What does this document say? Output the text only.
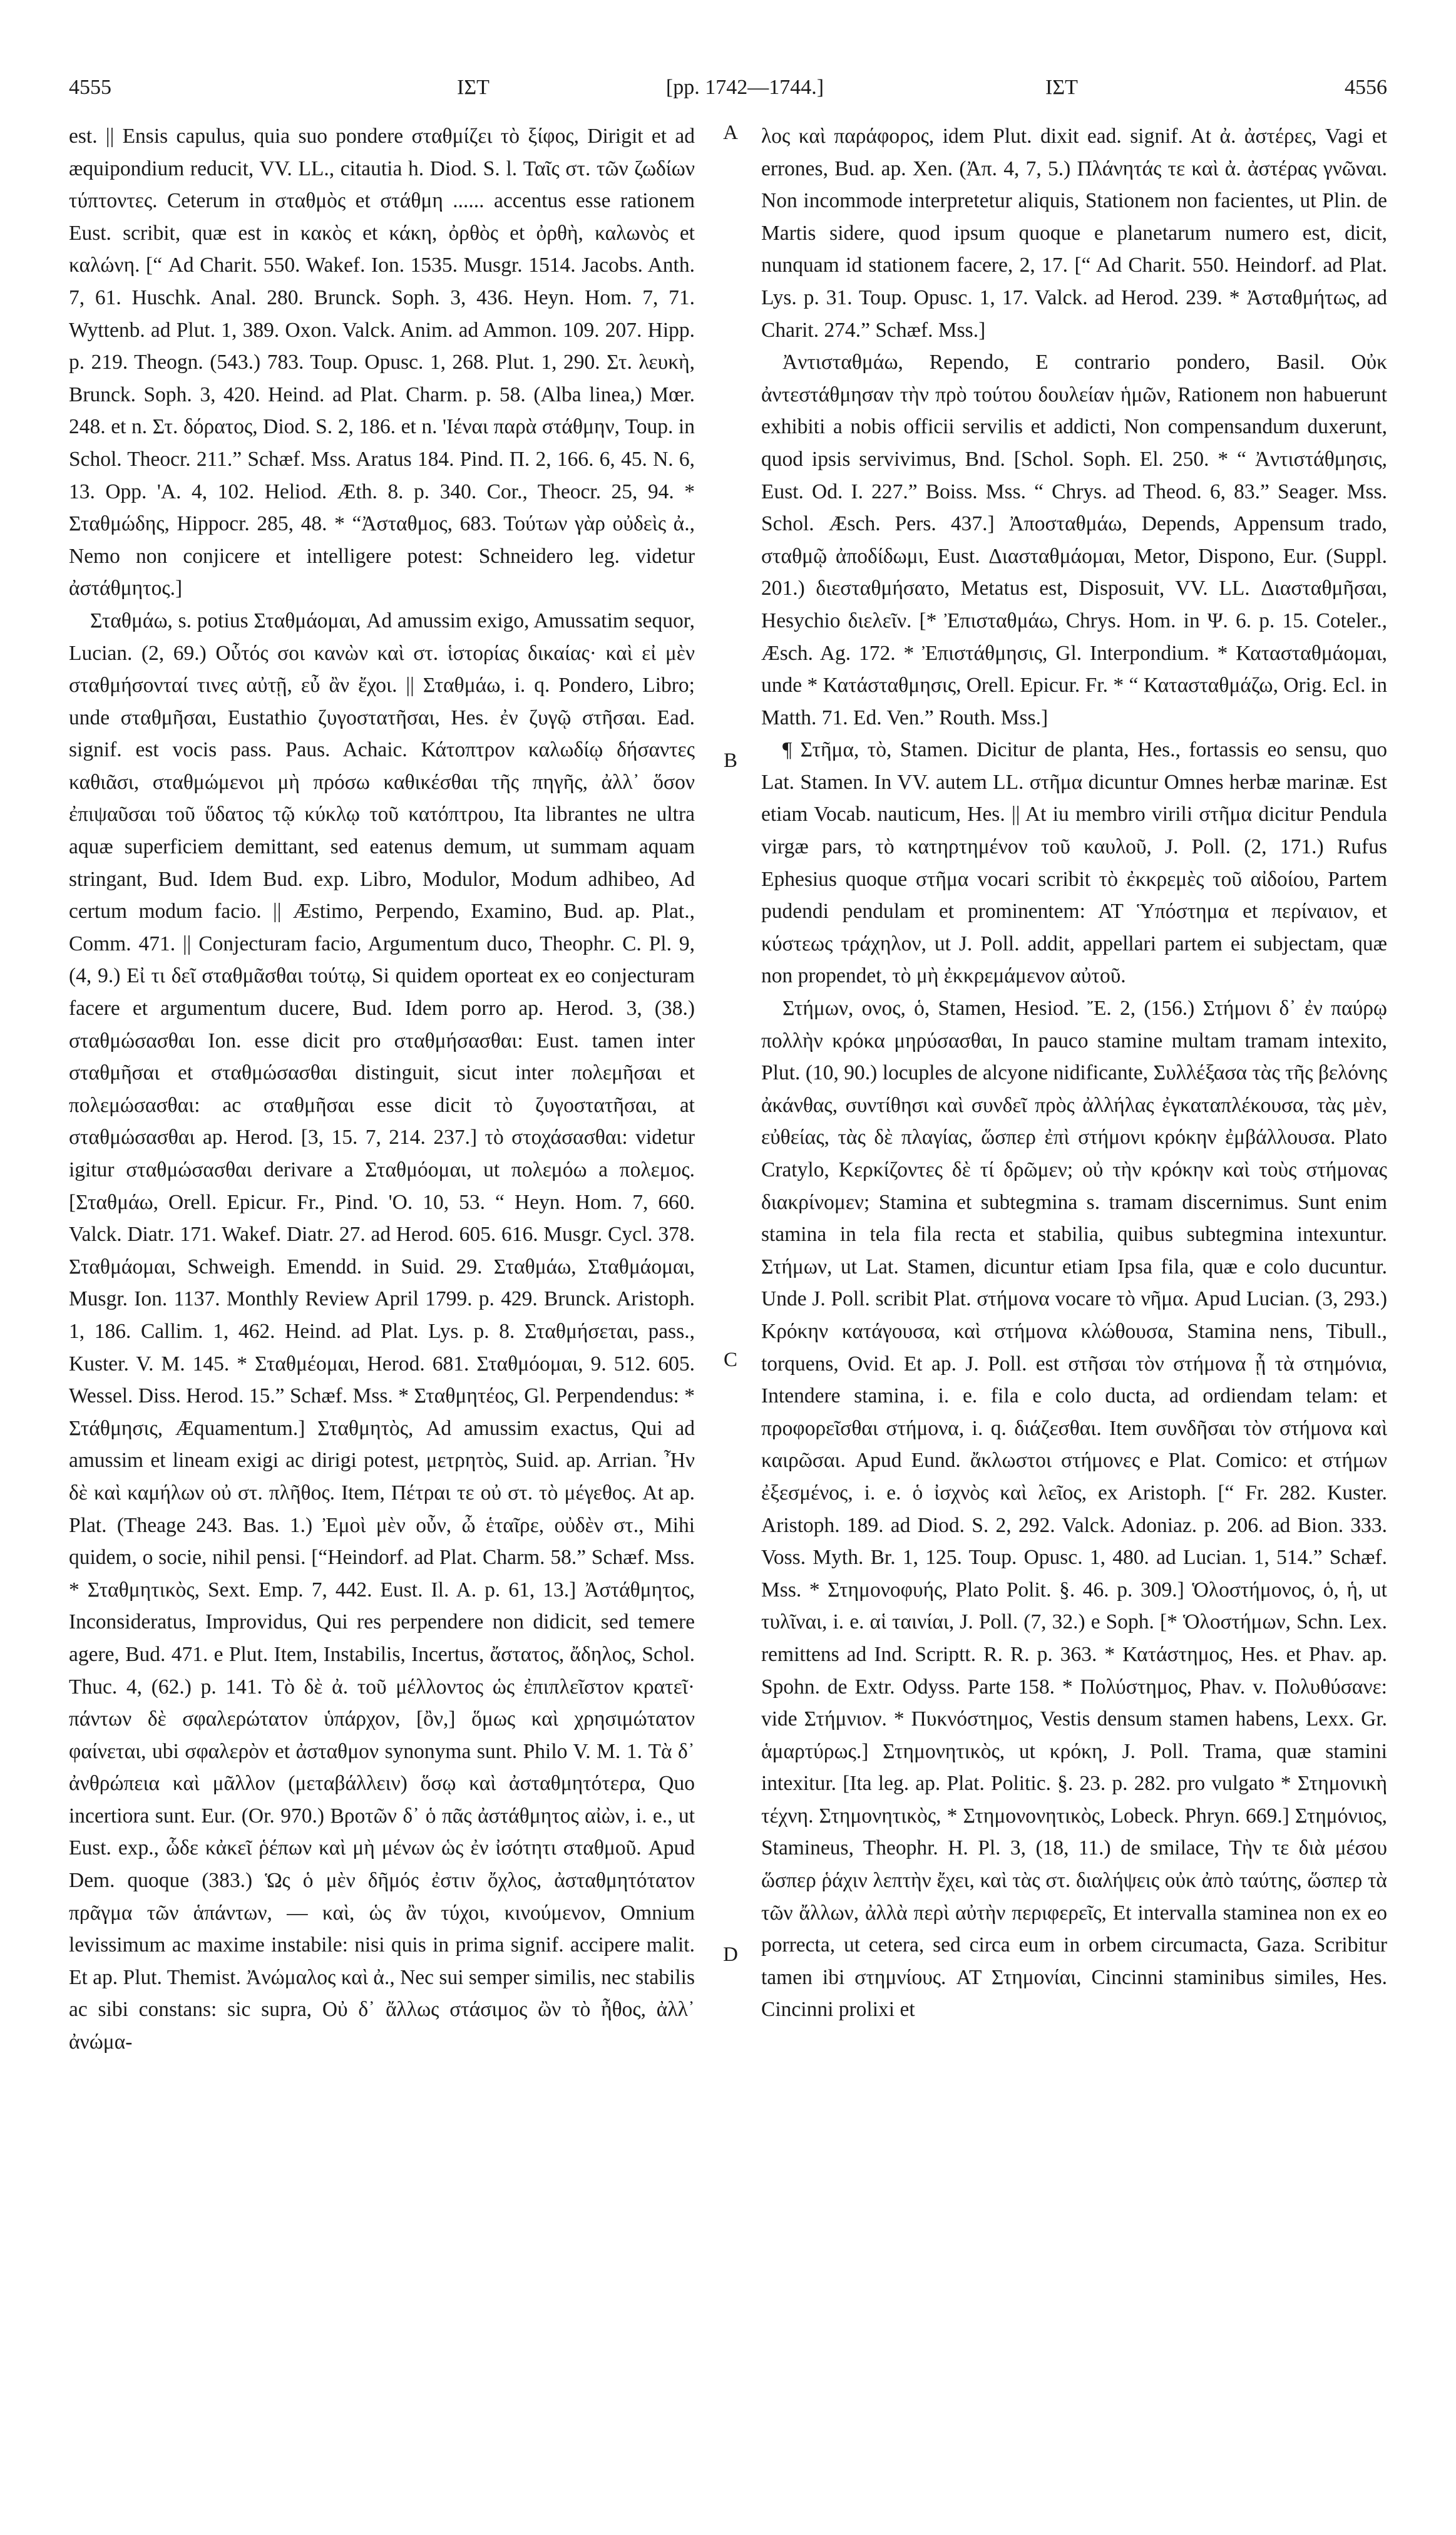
4555	ΙΣΤ	[pp. 1742—1744.]	ΙΣΤ	4556

est. || Ensis capulus, quia suo pondere σταθμίζει τὸ ξίφος, Dirigit et ad æquipondium reducit, VV. LL., citautia h. Diod. S. l. Ταῖς στ. τῶν ζωδίων τύπτοντες. Ceterum in σταθμὸς et στάθμη ...... accentus esse rationem Eust. scribit, quæ est in κακὸς et κάκη, ὀρθὸς et ὀρθὴ, καλωνὸς et καλώνη. [“ Ad Charit. 550. Wakef. Ion. 1535. Musgr. 1514. Jacobs. Anth. 7, 61. Huschk. Anal. 280. Brunck. Soph. 3, 436. Heyn. Hom. 7, 71. Wyttenb. ad Plut. 1, 389. Oxon. Valck. Anim. ad Ammon. 109. 207. Hipp. p. 219. Theogn. (543.) 783. Toup. Opusc. 1, 268. Plut. 1, 290. Στ. λευκὴ, Brunck. Soph. 3, 420. Heind. ad Plat. Charm. p. 58. (Alba linea,) Mœr. 248. et n. Στ. δόρατος, Diod. S. 2, 186. et n. 'Ιέναι παρὰ στάθμην, Toup. in Schol. Theocr. 211.” Schæf. Mss. Aratus 184. Pind. Π. 2, 166. 6, 45. N. 6, 13. Opp. 'A. 4, 102. Heliod. Æth. 8. p. 340. Cor., Theocr. 25, 94. * Σταθμώδης, Hippocr. 285, 48. * “Ἀσταθμος, 683. Τούτων γὰρ οὐδεὶς ἀ., Nemo non conjicere et intelligere potest: Schneidero leg. videtur ἀστάθμητος.]

Σταθμάω, s. potius Σταθμάομαι, Ad amussim exigo, Amussatim sequor, Lucian. (2, 69.) Οὗτός σοι κανὼν καὶ στ. ἱστορίας δικαίας· καὶ εἰ μὲν σταθμήσονταί τινες αὐτῇ, εὖ ἂν ἔχοι. || Σταθμάω, i. q. Pondero, Libro; unde σταθμῆσαι, Eustathio ζυγοστατῆσαι, Hes. ἐν ζυγῷ στῆσαι. Ead. signif. est vocis pass. Paus. Achaic. Κάτοπτρον καλωδίῳ δήσαντες καθιᾶσι, σταθμώμενοι μὴ πρόσω καθικέσθαι τῆς πηγῆς, ἀλλ᾽ ὅσον ἐπιψαῦσαι τοῦ ὕδατος τῷ κύκλῳ τοῦ κατόπτρου, Ita librantes ne ultra aquæ superficiem demittant, sed eatenus demum, ut summam aquam stringant, Bud. Idem Bud. exp. Libro, Modulor, Modum adhibeo, Ad certum modum facio. || Æstimo, Perpendo, Examino, Bud. ap. Plat., Comm. 471. || Conjecturam facio, Argumentum duco, Theophr. C. Pl. 9, (4, 9.) Εἰ τι δεῖ σταθμᾶσθαι τούτῳ, Si quidem oporteat ex eo conjecturam facere et argumentum ducere, Bud. Idem porro ap. Herod. 3, (38.) σταθμώσασθαι Ion. esse dicit pro σταθμήσασθαι: Eust. tamen inter σταθμῆσαι et σταθμώσασθαι distinguit, sicut inter πολεμῆσαι et πολεμώσασθαι: ac σταθμῆσαι esse dicit τὸ ζυγοστατῆσαι, at σταθμώσασθαι ap. Herod. [3, 15. 7, 214. 237.] τὸ στοχάσασθαι: videtur igitur σταθμώσασθαι derivare a Σταθμόομαι, ut πολεμόω a πολεμος. [Σταθμάω, Orell. Epicur. Fr., Pind. 'O. 10, 53. “ Heyn. Hom. 7, 660. Valck. Diatr. 171. Wakef. Diatr. 27. ad Herod. 605. 616. Musgr. Cycl. 378. Σταθμάομαι, Schweigh. Emendd. in Suid. 29. Σταθμάω, Σταθμάομαι, Musgr. Ion. 1137. Monthly Review April 1799. p. 429. Brunck. Aristoph. 1, 186. Callim. 1, 462. Heind. ad Plat. Lys. p. 8. Σταθμήσεται, pass., Kuster. V. M. 145. * Σταθμέομαι, Herod. 681. Σταθμόομαι, 9. 512. 605. Wessel. Diss. Herod. 15.” Schæf. Mss. * Σταθμητέος, Gl. Perpendendus: * Στάθμησις, Æquamentum.] Σταθμητὸς, Ad amussim exactus, Qui ad amussim et lineam exigi ac dirigi potest, μετρητὸς, Suid. ap. Arrian. Ἦν δὲ καὶ καμήλων οὐ στ. πλῆθος. Item, Πέτραι τε οὐ στ. τὸ μέγεθος. At ap. Plat. (Theage 243. Bas. 1.) Ἐμοὶ μὲν οὖν, ὦ ἑταῖρε, οὐδὲν στ., Mihi quidem, o socie, nihil pensi. [“Heindorf. ad Plat. Charm. 58.” Schæf. Mss. * Σταθμητικὸς, Sext. Emp. 7, 442. Eust. Il. A. p. 61, 13.] Ἀστάθμητος, Inconsideratus, Improvidus, Qui res perpendere non didicit, sed temere agere, Bud. 471. e Plut. Item, Instabilis, Incertus, ἄστατος, ἄδηλος, Schol. Thuc. 4, (62.) p. 141. Τὸ δὲ ἀ. τοῦ μέλλοντος ὡς ἐπιπλεῖστον κρατεῖ· πάντων δὲ σφαλερώτατον ὑπάρχον, [ὂν,] ὅμως καὶ χρησιμώτατον φαίνεται, ubi σφαλερὸν et ἀσταθμον synonyma sunt. Philo V. M. 1. Τὰ δ᾽ ἀνθρώπεια καὶ μᾶλλον (μεταβάλλειν) ὅσῳ καὶ ἀσταθμητότερα, Quo incertiora sunt. Eur. (Or. 970.) Βροτῶν δ᾽ ὁ πᾶς ἀστάθμητος αἰὼν, i. e., ut Eust. exp., ὧδε κἀκεῖ ῥέπων καὶ μὴ μένων ὡς ἐν ἰσότητι σταθμοῦ. Apud Dem. quoque (383.) Ὡς ὁ μὲν δῆμός ἐστιν ὄχλος, ἀσταθμητότατον πρᾶγμα τῶν ἁπάντων, — καὶ, ὡς ἂν τύχοι, κινούμενον, Omnium levissimum ac maxime instabile: nisi quis in prima signif. accipere malit. Et ap. Plut. Themist. Ἀνώμαλος καὶ ἀ., Nec sui semper similis, nec stabilis ac sibi constans: sic supra, Οὐ δ᾽ ἄλλως στάσιμος ὢν τὸ ἦθος, ἀλλ᾽ ἀνώμα-

A
B
C
D

λος καὶ παράφορος, idem Plut. dixit ead. signif. At ἀ. ἀστέρες, Vagi et errones, Bud. ap. Xen. (Ἀπ. 4, 7, 5.) Πλάνητάς τε καὶ ἀ. ἀστέρας γνῶναι. Non incommode interpretetur aliquis, Stationem non facientes, ut Plin. de Martis sidere, quod ipsum quoque e planetarum numero est, dicit, nunquam id stationem facere, 2, 17. [“ Ad Charit. 550. Heindorf. ad Plat. Lys. p. 31. Toup. Opusc. 1, 17. Valck. ad Herod. 239. * Ἀσταθμήτως, ad Charit. 274.” Schæf. Mss.]

Ἀντισταθμάω, Rependo, E contrario pondero, Basil. Οὐκ ἀντεστάθμησαν τὴν πρὸ τούτου δουλείαν ἡμῶν, Rationem non habuerunt exhibiti a nobis officii servilis et addicti, Non compensandum duxerunt, quod ipsis servivimus, Bnd. [Schol. Soph. El. 250. * “ Ἀντιστάθμησις, Eust. Od. I. 227.” Boiss. Mss. “ Chrys. ad Theod. 6, 83.” Seager. Mss. Schol. Æsch. Pers. 437.] Ἀποσταθμάω, Depends, Appensum trado, σταθμῷ ἀποδίδωμι, Eust. Διασταθμάομαι, Metor, Dispono, Eur. (Suppl. 201.) διεσταθμήσατο, Metatus est, Disposuit, VV. LL. Διασταθμῆσαι, Hesychio διελεῖν. [* Ἐπισταθμάω, Chrys. Hom. in Ψ. 6. p. 15. Coteler., Æsch. Ag. 172. * Ἐπιστάθμησις, Gl. Interpondium. * Κατασταθμάομαι, unde * Κατάσταθμησις, Orell. Epicur. Fr. * “ Κατασταθμάζω, Orig. Ecl. in Matth. 71. Ed. Ven.” Routh. Mss.]

¶ Στῆμα, τὸ, Stamen. Dicitur de planta, Hes., fortassis eo sensu, quo Lat. Stamen. In VV. autem LL. στῆμα dicuntur Omnes herbæ marinæ. Est etiam Vocab. nauticum, Hes. || At iu membro virili στῆμα dicitur Pendula virgæ pars, τὸ κατηρτημένον τοῦ καυλοῦ, J. Poll. (2, 171.) Rufus Ephesius quoque στῆμα vocari scribit τὸ ἐκκρεμὲς τοῦ αἰδοίου, Partem pudendi pendulam et prominentem: AT Ὑπόστημα et περίναιον, et κύστεως τράχηλον, ut J. Poll. addit, appellari partem ei subjectam, quæ non propendet, τὸ μὴ ἐκκρεμάμενον αὐτοῦ.

Στήμων, ονος, ὁ, Stamen, Hesiod. Ἔ. 2, (156.) Στήμονι δ᾽ ἐν παύρῳ πολλὴν κρόκα μηρύσασθαι, In pauco stamine multam tramam intexito, Plut. (10, 90.) locuples de alcyone nidificante, Συλλέξασα τὰς τῆς βελόνης ἀκάνθας, συντίθησι καὶ συνδεῖ πρὸς ἀλλήλας ἐγκαταπλέκουσα, τὰς μὲν, εὐθείας, τὰς δὲ πλαγίας, ὥσπερ ἐπὶ στήμονι κρόκην ἐμβάλλουσα. Plato Cratylo, Κερκίζοντες δὲ τί δρῶμεν; οὐ τὴν κρόκην καὶ τοὺς στήμονας διακρίνομεν; Stamina et subtegmina s. tramam discernimus. Sunt enim stamina in tela fila recta et stabilia, quibus subtegmina intexuntur. Στήμων, ut Lat. Stamen, dicuntur etiam Ipsa fila, quæ e colo ducuntur. Unde J. Poll. scribit Plat. στήμονα vocare τὸ νῆμα. Apud Lucian. (3, 293.) Κρόκην κατάγουσα, καὶ στήμονα κλώθουσα, Stamina nens, Tibull., torquens, Ovid. Et ap. J. Poll. est στῆσαι τὸν στήμονα ᾗ τὰ στημόνια, Intendere stamina, i. e. fila e colo ducta, ad ordiendam telam: et προφορεῖσθαι στήμονα, i. q. διάζεσθαι. Item συνδῆσαι τὸν στήμονα καὶ καιρῶσαι. Apud Eund. ἄκλωστοι στήμονες e Plat. Comico: et στήμων ἐξεσμένος, i. e. ὁ ἰσχνὸς καὶ λεῖος, ex Aristoph. [“ Fr. 282. Kuster. Aristoph. 189. ad Diod. S. 2, 292. Valck. Adoniaz. p. 206. ad Bion. 333. Voss. Myth. Br. 1, 125. Toup. Opusc. 1, 480. ad Lucian. 1, 514.” Schæf. Mss. * Στημονοφυής, Plato Polit. §. 46. p. 309.] Ὁλοστήμονος, ὁ, ἡ, ut τυλῖναι, i. e. αἱ ταινίαι, J. Poll. (7, 32.) e Soph. [* Ὁλοστήμων, Schn. Lex. remittens ad Ind. Scriptt. R. R. p. 363. * Κατάστημος, Hes. et Phav. ap. Spohn. de Extr. Odyss. Parte 158. * Πολύστημος, Phav. v. Πολυθύσανε: vide Στήμνιον. * Πυκνόστημος, Vestis densum stamen habens, Lexx. Gr. ἁμαρτύρως.] Στημονητικὸς, ut κρόκη, J. Poll. Trama, quæ stamini intexitur. [Ita leg. ap. Plat. Politic. §. 23. p. 282. pro vulgato * Στημονικὴ τέχνη. Στημονητικὸς, * Στημονονητικὸς, Lobeck. Phryn. 669.] Στημόνιος, Stamineus, Theophr. H. Pl. 3, (18, 11.) de smilace, Τὴν τε διὰ μέσου ὥσπερ ῥάχιν λεπτὴν ἔχει, καὶ τὰς στ. διαλήψεις οὐκ ἀπὸ ταύτης, ὥσπερ τὰ τῶν ἄλλων, ἀλλὰ περὶ αὐτὴν περιφερεῖς, Et intervalla staminea non ex eo porrecta, ut cetera, sed circa eum in orbem circumacta, Gaza. Scribitur tamen ibi στημνίους. AT Στημονίαι, Cincinni staminibus similes, Hes. Cincinni prolixi et
